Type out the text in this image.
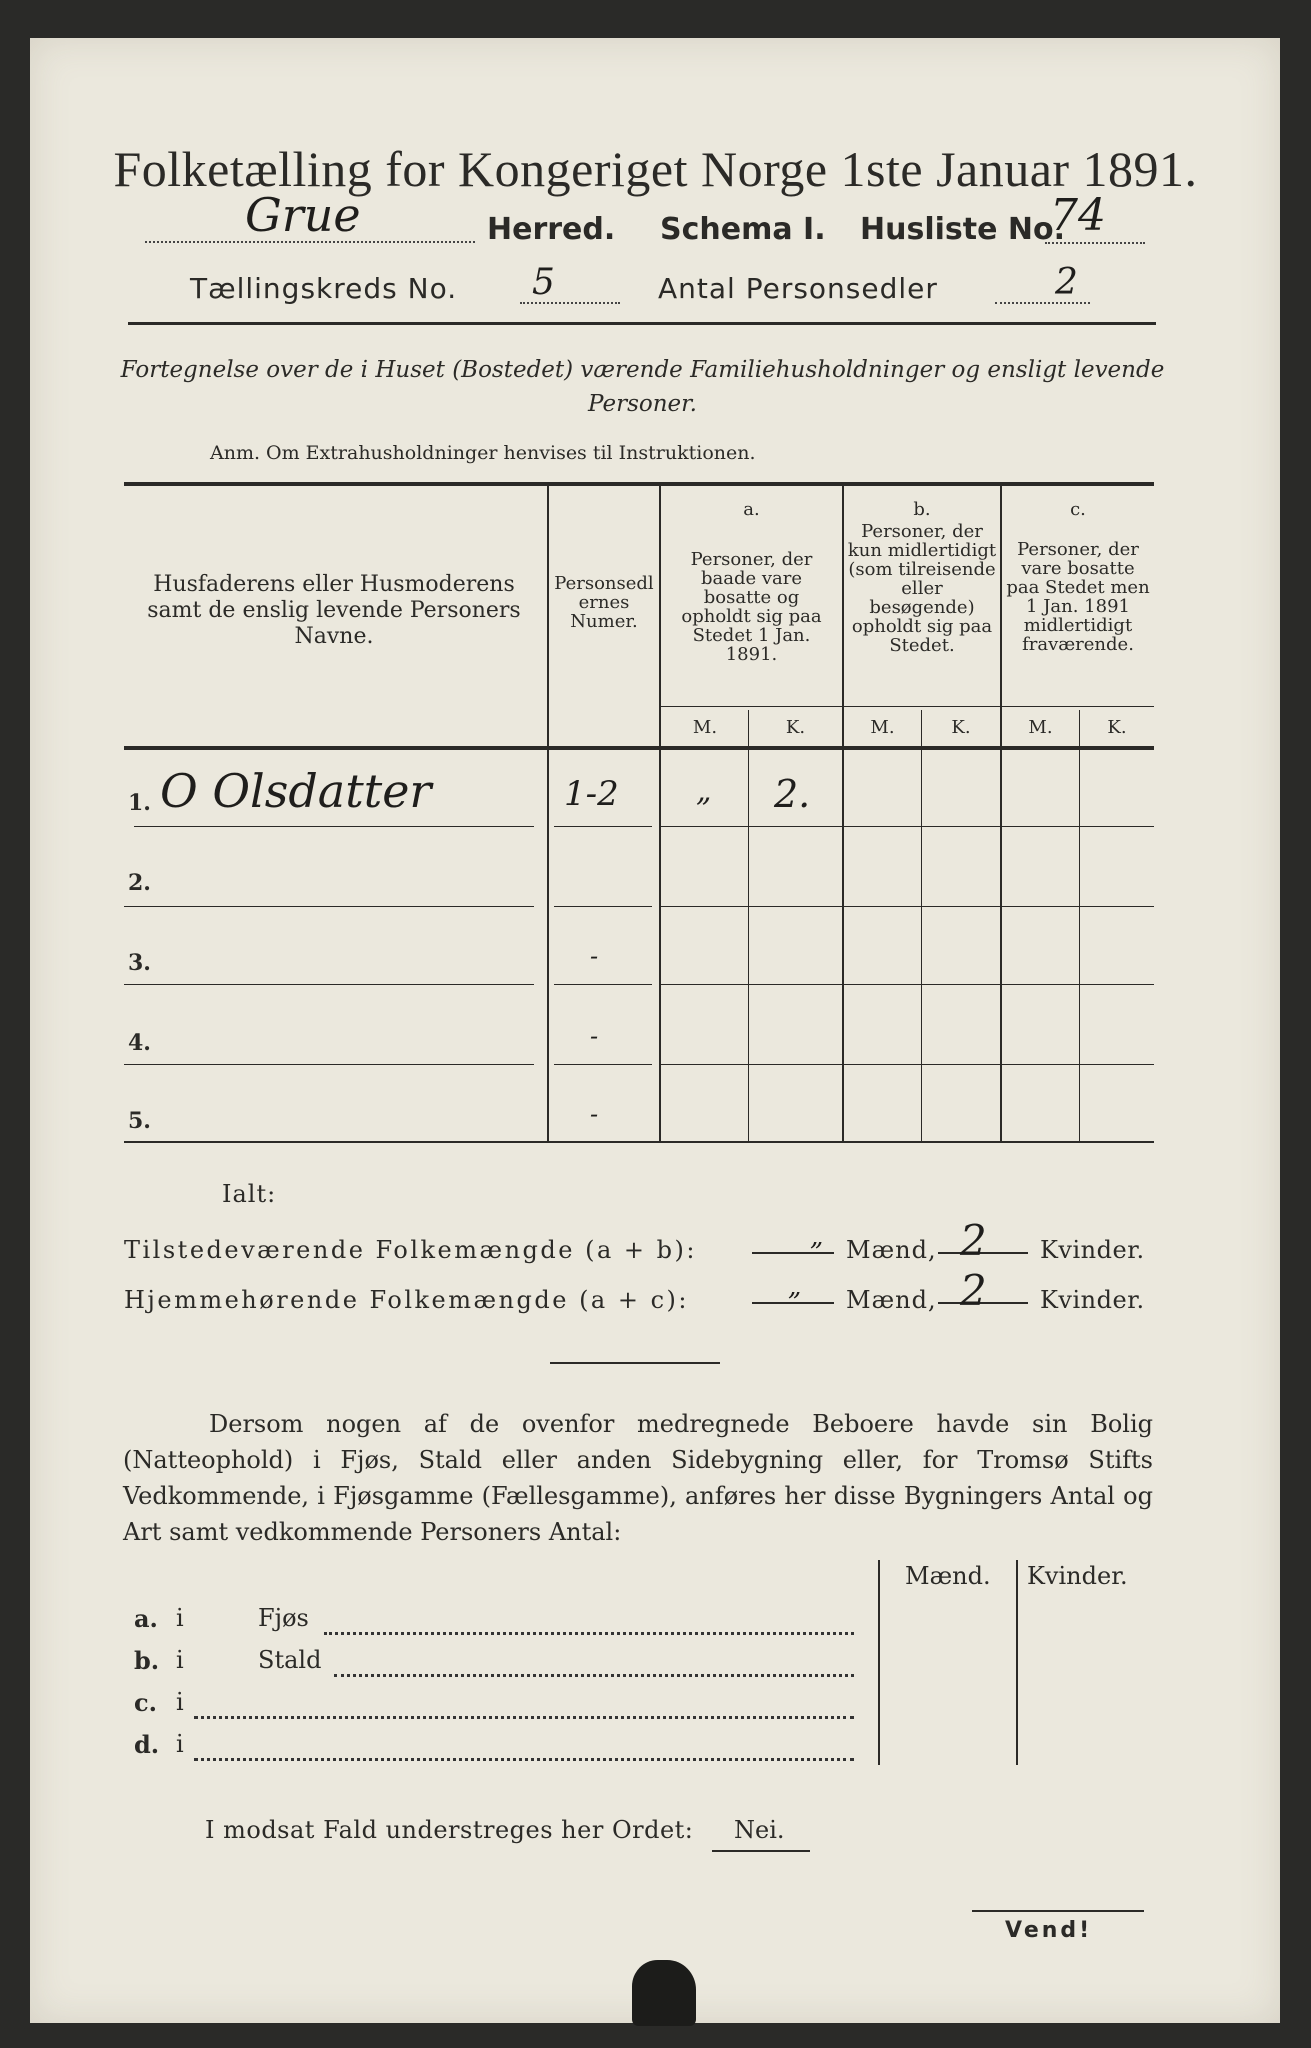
Folketælling for Kongeriget Norge 1ste Januar 1891.
Grue	Herred. Schema I. Husliste No.
74
Tællingskreds No. 5	Antal Personsedler	2
Fortegnelse over de i Huset (Bostedet) værende Familiehusholdninger og ensligt levende Personer.
Anm. Om Extrahusholdninger henvises til Instruktionen.
Husfaderens eller Husmoderens samt de enslig levende Personers Navne.
Personsedlernes Numer.
a.
Personer, der baade vare bosatte og opholdt sig paa Stedet 1 Jan. 1891.
b.
Personer, der kun midlertidigt (som tilreisende eller besøgende) opholdt sig paa Stedet.
c.
Personer, der vare bosatte paa Stedet men 1 Jan. 1891 midlertidigt fraværende.
M.	K.	M.	K.	M.	K.
1. O Olsdatter	1-2	„ 2.
2.
3.	-
4.	-
5.	-
Ialt:
Tilstedeværende Folkemængde (a + b):	„ Mænd, 2 Kvinder.
Hjemmehørende Folkemængde (a + c):	„ Mænd, 2 Kvinder.
Dersom nogen af de ovenfor medregnede Beboere havde sin Bolig (Natteophold) i Fjøs, Stald eller anden Sidebygning eller, for Tromsø Stifts Vedkommende, i Fjøsgamme (Fællesgamme), anføres her disse Bygningers Antal og Art samt vedkommende Personers Antal:
Mænd. Kvinder.
a. i	Fjøs
b. i	Stald
c. i
d. i
I modsat Fald understreges her Ordet: Nei.
Vend!
